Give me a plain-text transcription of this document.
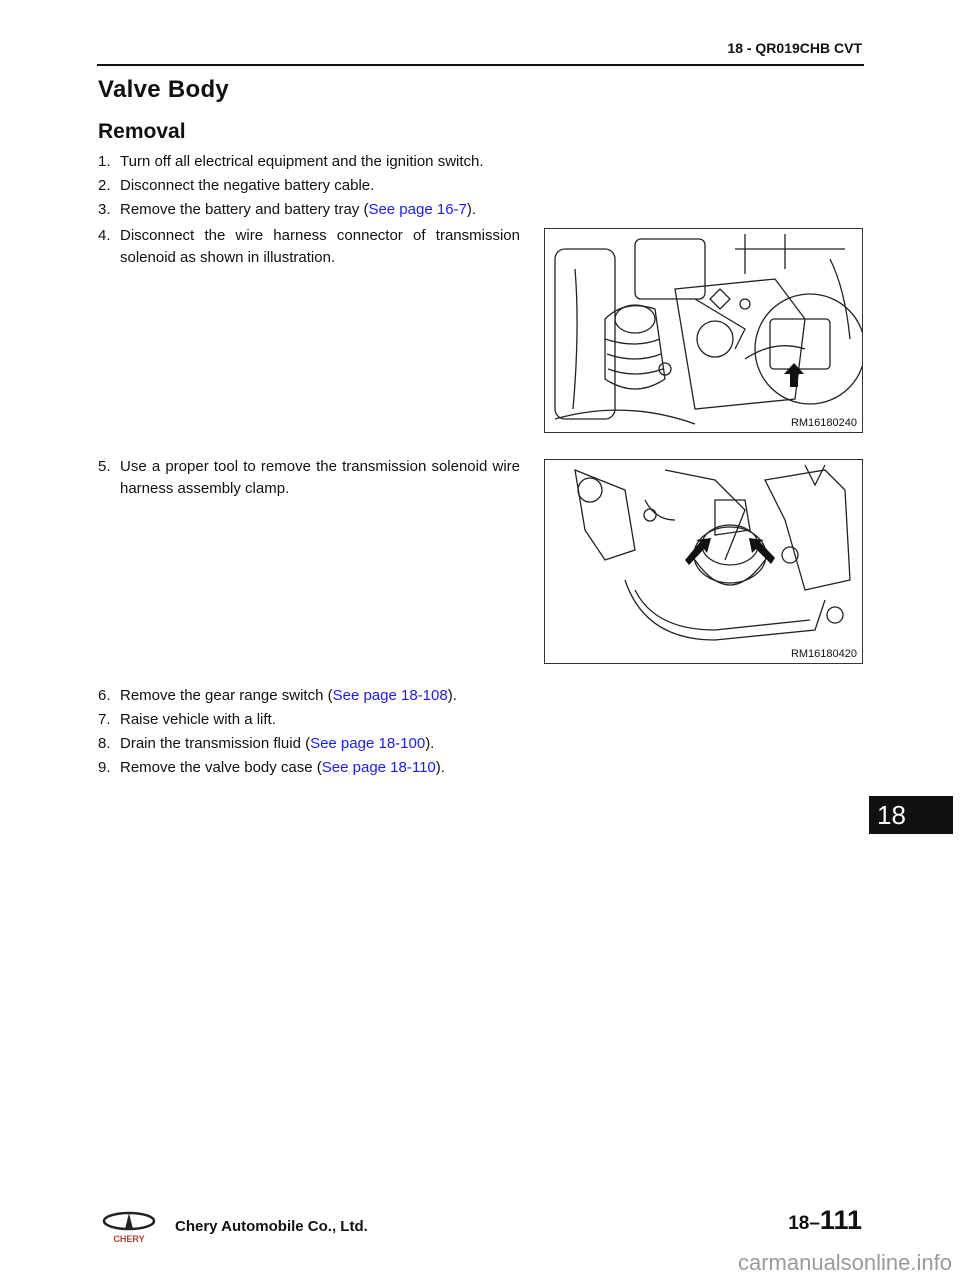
18 - QR019CHB CVT
Valve Body
Removal
1. Turn off all electrical equipment and the ignition switch.
2. Disconnect the negative battery cable.
3. Remove the battery and battery tray (See page 16-7).
4. Disconnect the wire harness connector of transmission solenoid as shown in illustration.
RM16180240
5. Use a proper tool to remove the transmission solenoid wire harness assembly clamp.
RM16180420
6. Remove the gear range switch (See page 18-108).
7. Raise vehicle with a lift.
8. Drain the transmission fluid (See page 18-100).
9. Remove the valve body case (See page 18-110).
18
CHERY
Chery Automobile Co., Ltd.	18–111
carmanualsonline.info
